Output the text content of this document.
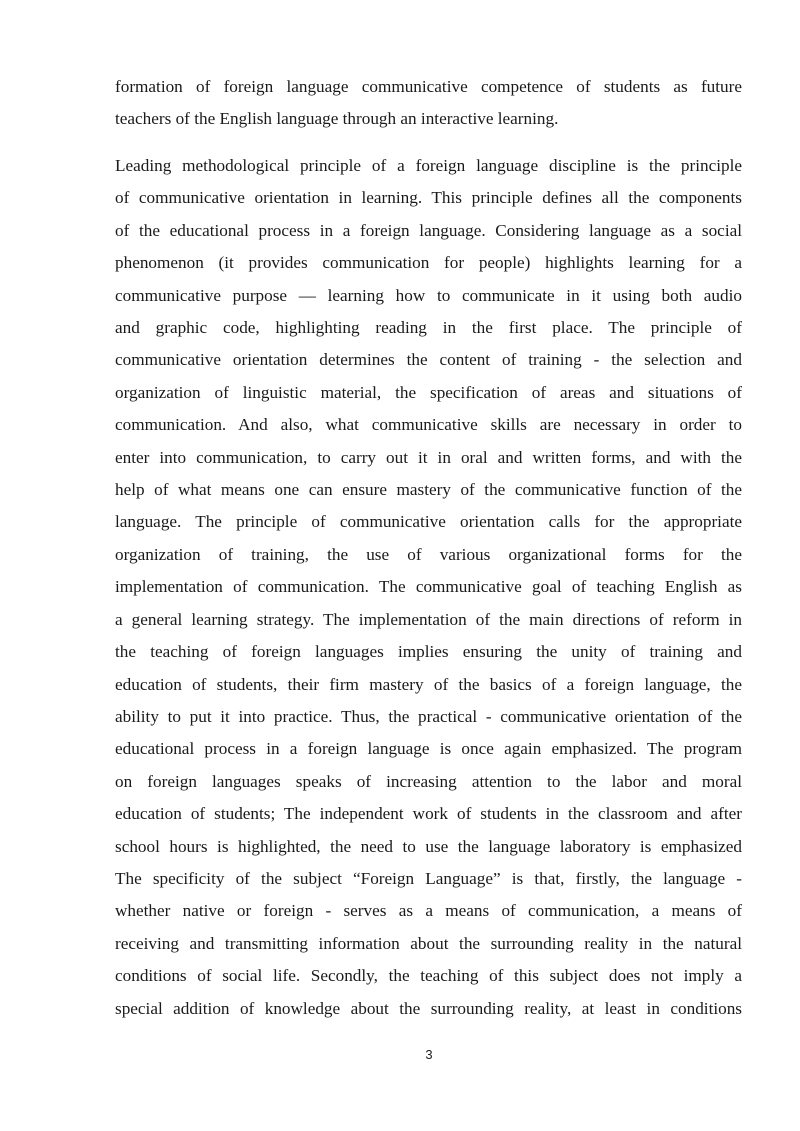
formation of foreign language communicative competence of students as future
teachers of the English language through an interactive learning.
Leading methodological principle of a foreign language discipline is the principle
of communicative orientation in learning. This principle defines all the components
of the educational process in a foreign language. Considering language as a social
phenomenon (it provides communication for people) highlights learning for a
communicative purpose — learning how to communicate in it using both audio
and graphic code, highlighting reading in the first place. The principle of
communicative orientation determines the content of training - the selection and
organization of linguistic material, the specification of areas and situations of
communication. And also, what communicative skills are necessary in order to
enter into communication, to carry out it in oral and written forms, and with the
help of what means one can ensure mastery of the communicative function of the
language. The principle of communicative orientation calls for the appropriate
organization of training, the use of various organizational forms for the
implementation of communication. The communicative goal of teaching English as
a general learning strategy. The implementation of the main directions of reform in
the teaching of foreign languages implies ensuring the unity of training and
education of students, their firm mastery of the basics of a foreign language, the
ability to put it into practice. Thus, the practical - communicative orientation of the
educational process in a foreign language is once again emphasized. The program
on foreign languages speaks of increasing attention to the labor and moral
education of students; The independent work of students in the classroom and after
school hours is highlighted, the need to use the language laboratory is emphasized
The specificity of the subject “Foreign Language” is that, firstly, the language -
whether native or foreign - serves as a means of communication, a means of
receiving and transmitting information about the surrounding reality in the natural
conditions of social life. Secondly, the teaching of this subject does not imply a
special addition of knowledge about the surrounding reality, at least in conditions
3
